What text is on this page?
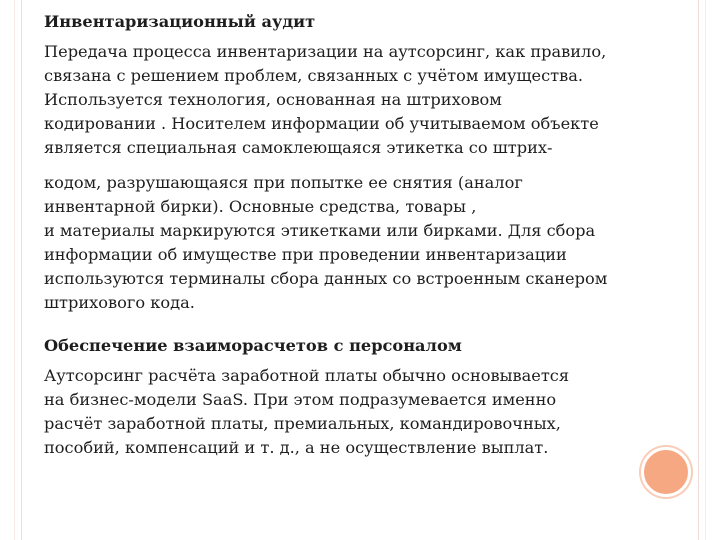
Инвентаризационный аудит
Передача процесса инвентаризации на аутсорсинг, как правило,
связана с решением проблем, связанных с учётом имущества.
Используется технология, основанная на штриховом
кодировании . Носителем информации об учитываемом объекте
является специальная самоклеющаяся этикетка со штрих-
кодом, разрушающаяся при попытке ее снятия (аналог
инвентарной бирки). Основные средства, товары ,
и материалы маркируются этикетками или бирками. Для сбора
информации об имуществе при проведении инвентаризации
используются терминалы сбора данных со встроенным сканером
штрихового кода.
Обеспечение взаиморасчетов с персоналом
Аутсорсинг расчёта заработной платы обычно основывается
на бизнес-модели SaaS. При этом подразумевается именно
расчёт заработной платы, премиальных, командировочных,
пособий, компенсаций и т. д., а не осуществление выплат.
